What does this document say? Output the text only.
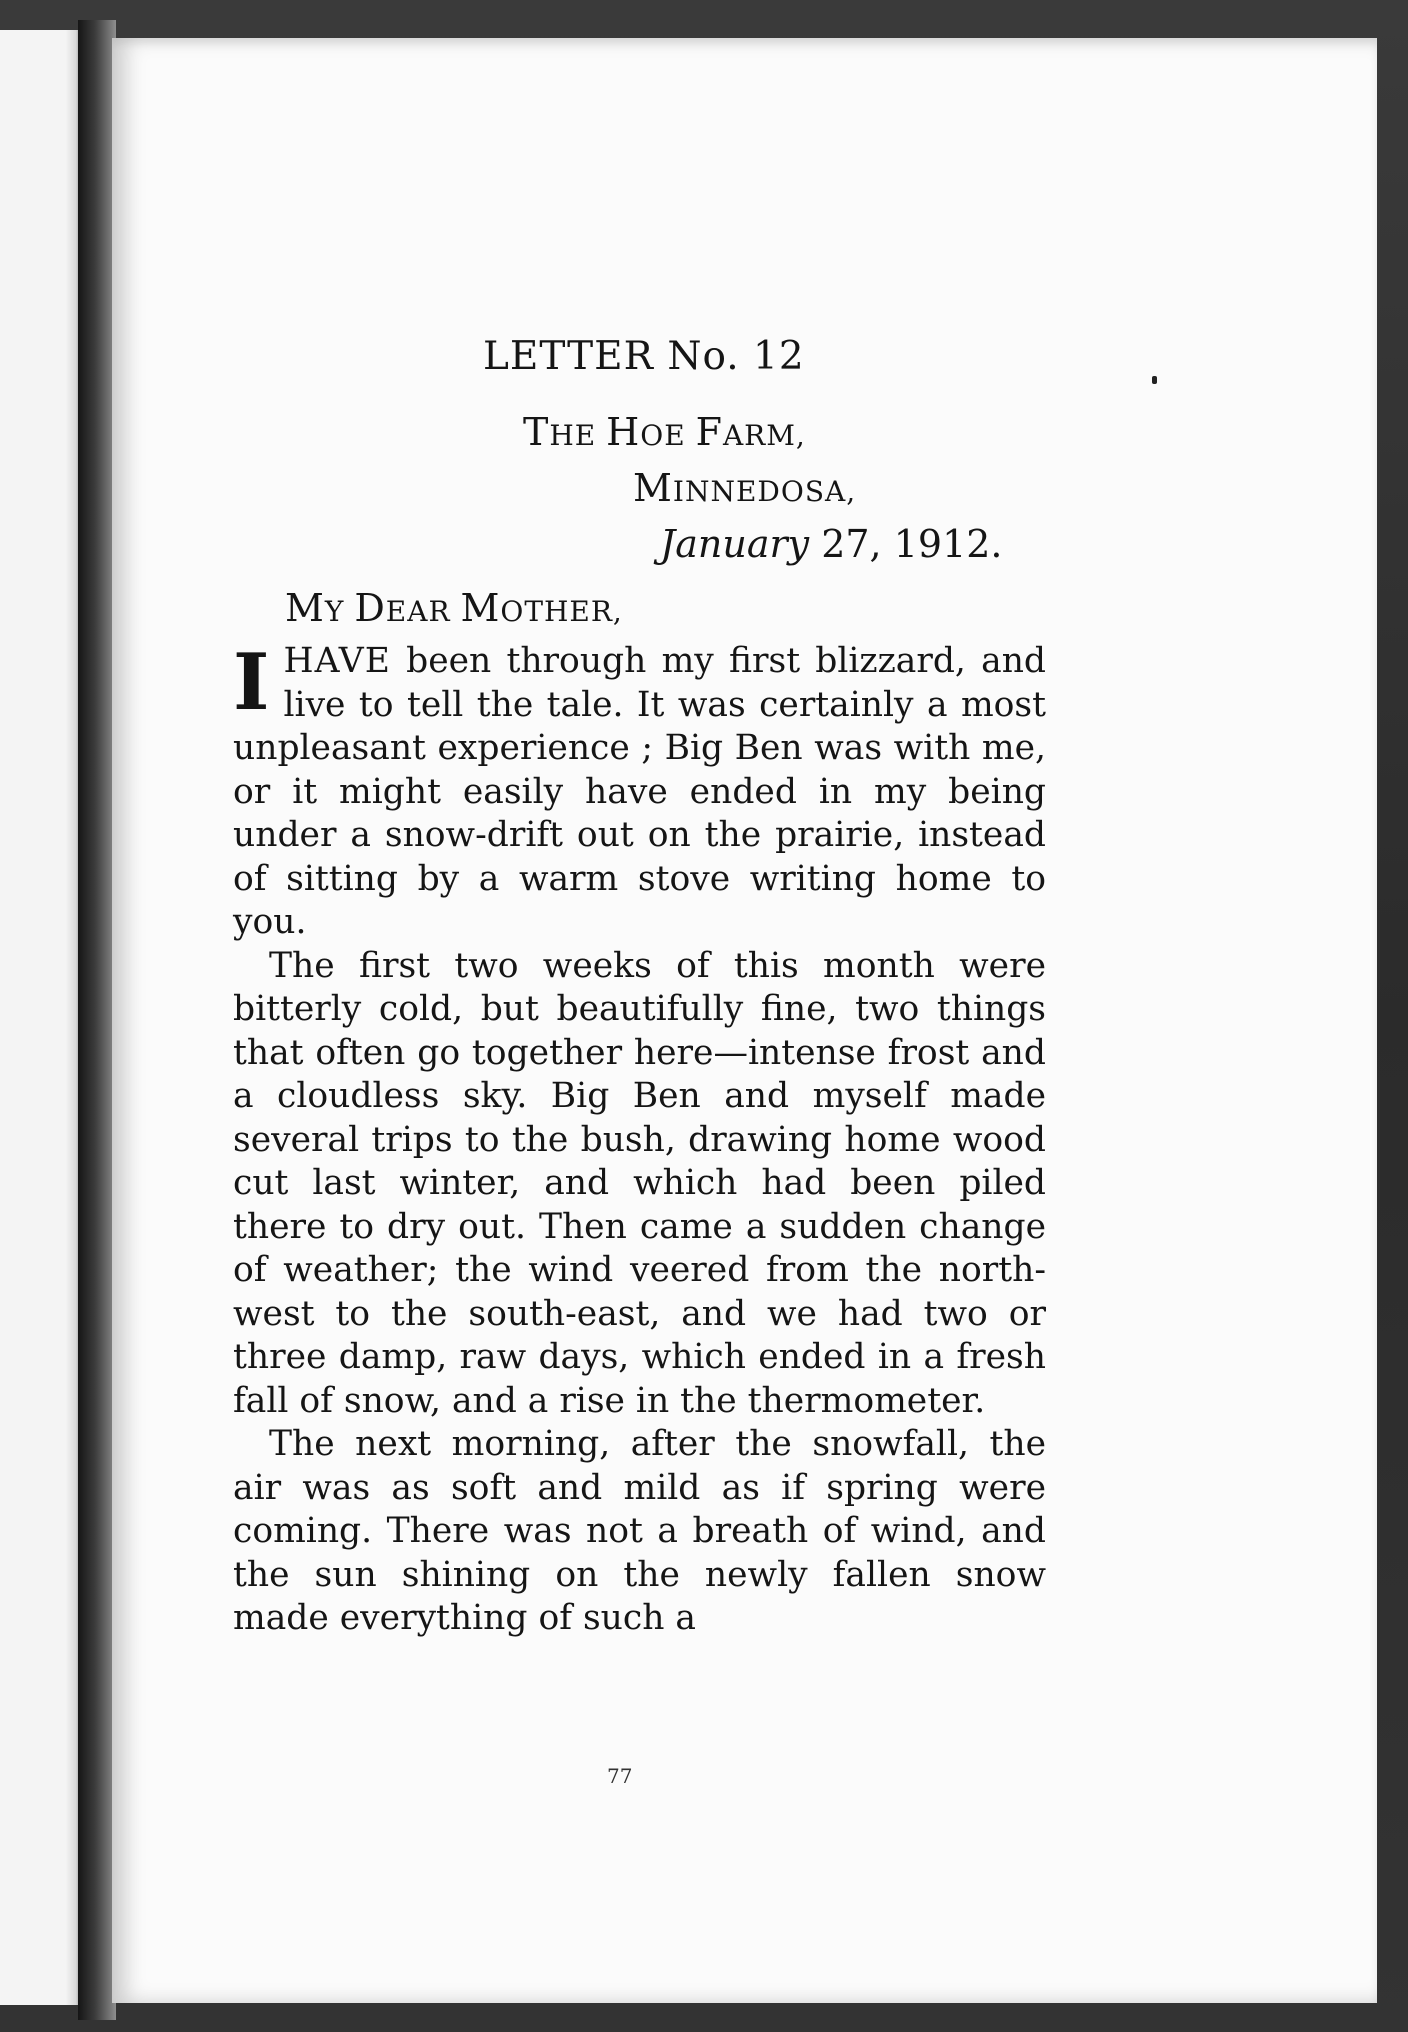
LETTER No. 12
THE HOE FARM,
MINNEDOSA,
January 27, 1912.
MY DEAR MOTHER,

IHAVE been through my first blizzard, and live to tell the tale. It was certainly a most unpleasant experience ; Big Ben was with me, or it might easily have ended in my being under a snow-drift out on the prairie, instead of sitting by a warm stove writing home to you.

The first two weeks of this month were bitterly cold, but beautifully fine, two things that often go together here—intense frost and a cloudless sky. Big Ben and myself made several trips to the bush, drawing home wood cut last winter, and which had been piled there to dry out. Then came a sudden change of weather; the wind veered from the north-west to the south-east, and we had two or three damp, raw days, which ended in a fresh fall of snow, and a rise in the thermometer.

The next morning, after the snowfall, the air was as soft and mild as if spring were coming. There was not a breath of wind, and the sun shining on the newly fallen snow made everything of such a

77
